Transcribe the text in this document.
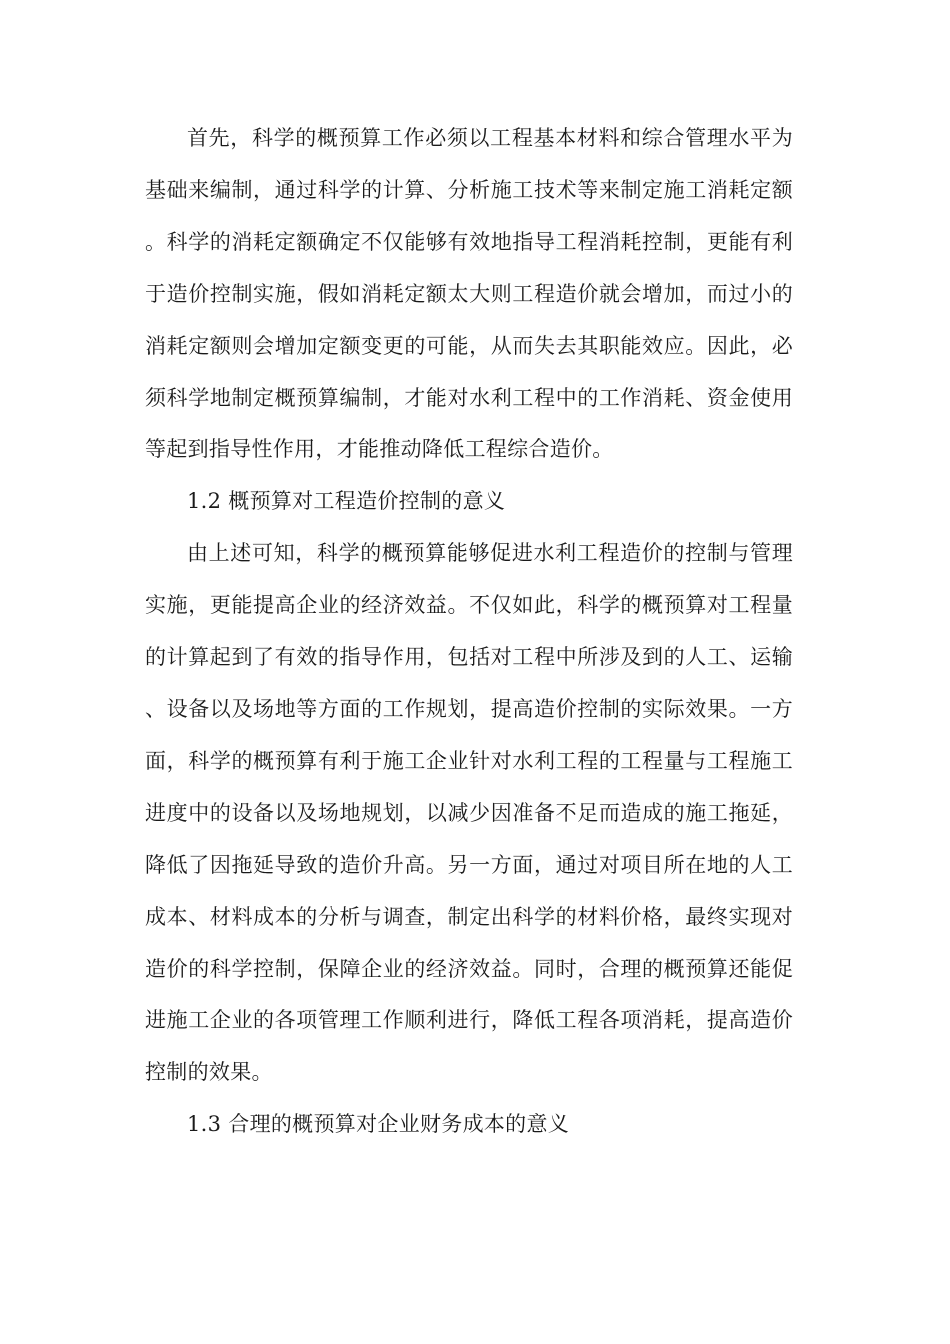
首先，科学的概预算工作必须以工程基本材料和综合管理水平为基础来编制，通过科学的计算、分析施工技术等来制定施工消耗定额。科学的消耗定额确定不仅能够有效地指导工程消耗控制，更能有利于造价控制实施，假如消耗定额太大则工程造价就会增加，而过小的消耗定额则会增加定额变更的可能，从而失去其职能效应。因此，必须科学地制定概预算编制，才能对水利工程中的工作消耗、资金使用等起到指导性作用，才能推动降低工程综合造价。

1.2 概预算对工程造价控制的意义

由上述可知，科学的概预算能够促进水利工程造价的控制与管理实施，更能提高企业的经济效益。不仅如此，科学的概预算对工程量的计算起到了有效的指导作用，包括对工程中所涉及到的人工、运输、设备以及场地等方面的工作规划，提高造价控制的实际效果。一方面，科学的概预算有利于施工企业针对水利工程的工程量与工程施工进度中的设备以及场地规划，以减少因准备不足而造成的施工拖延，降低了因拖延导致的造价升高。另一方面，通过对项目所在地的人工成本、材料成本的分析与调查，制定出科学的材料价格，最终实现对造价的科学控制，保障企业的经济效益。同时，合理的概预算还能促进施工企业的各项管理工作顺利进行，降低工程各项消耗，提高造价控制的效果。

1.3 合理的概预算对企业财务成本的意义
